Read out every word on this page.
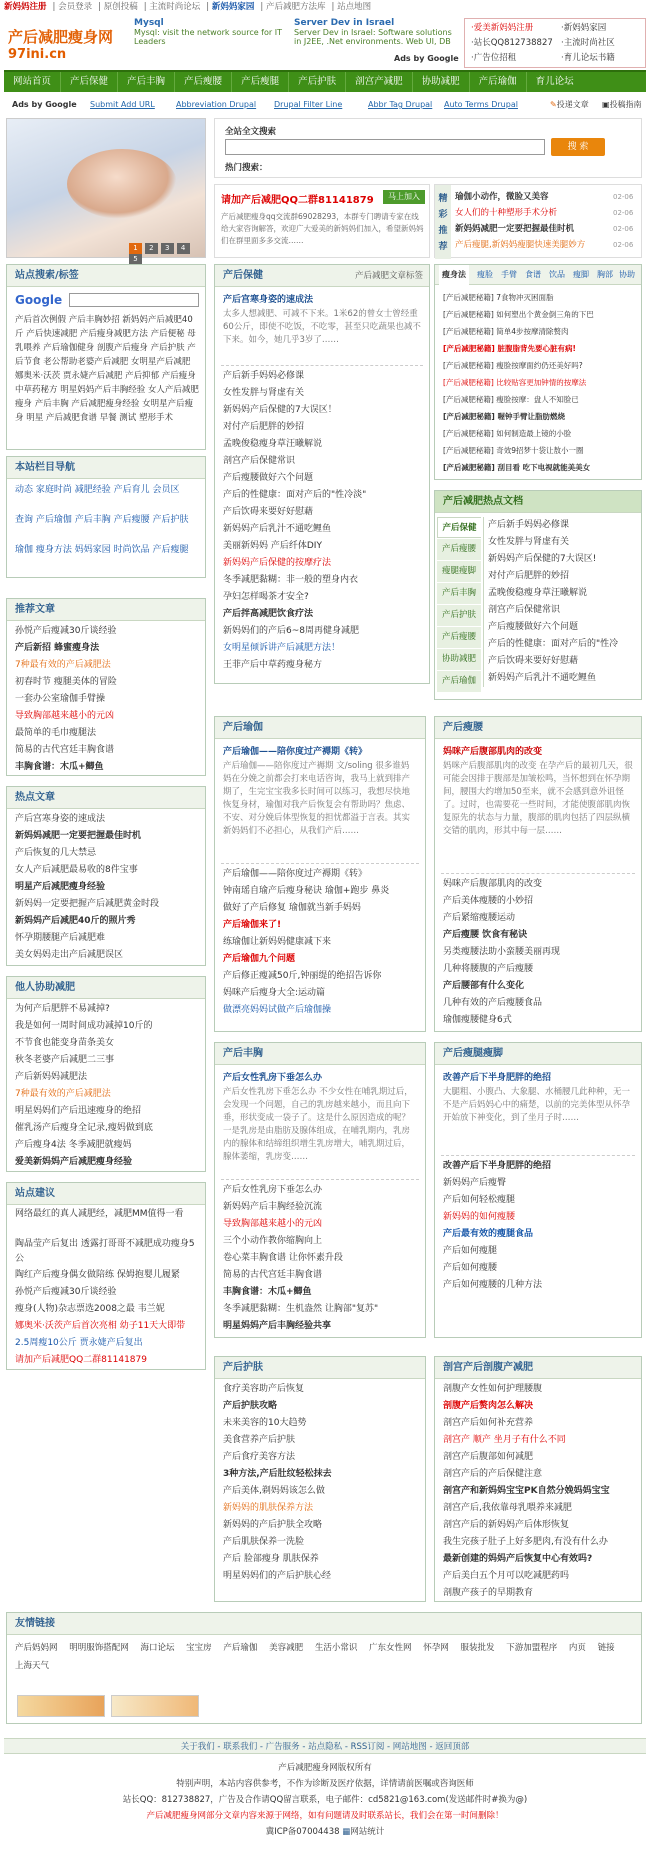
新妈妈注册 | 会员登录 | 原创投稿 | 主流时尚论坛 | 新妈妈家园 | 产后减肥方法库 | 站点地图
产后减肥瘦身网
97ini.cn
Mysql
Mysql: visit the network source for IT Leaders
Server Dev in Israel
Server Dev in Israel: Software solutions in J2EE, .Net environments. Web UI, DB
Ads by Google
·爱美新妈妈注册	·新妈妈家园
·站长QQ812738827 ·主流时尚社区
·广告位招租	·育儿论坛书籍
网站首页	产后保健	产后丰胸	产后瘦腰	产后瘦腿	产后护肤	剖宫产减肥	协助减肥	产后瑜伽	育儿论坛
Ads by Google Submit Add URL	Abbreviation Drupal Drupal Filter Line	Abbr Tag Drupal Auto Terms Drupal	✎投递文章 ▣投稿指南
1 2 3 4 5
全站全文搜索
搜 索
热门搜索：
请加产后减肥QQ二群81141879	马上加入
产后减肥瘦身qq交流群69028293，本群专门聘请专家在线给大家咨询解答，欢迎广大爱美的新妈妈们加入，希望新妈妈们在群里面多多交流……
精彩推荐
瑜伽小动作，微脸又美容
女人们的十种塑形手术分析
新妈妈减肥一定要把握最佳时机
产后瘦腿,新妈妈瘦腿快速美腿妙方
02-06
02-06
02-06
02-06
站点搜索/标签
Google
产后首次例假 产后丰胸妙招 新妈妈产后减肥40斤 产后快速减肥 产后瘦身减肥方法 产后便秘 母乳喂养 产后瑜伽健身 剖腹产后瘦身 产后护肤 产后节食 老公帮助老婆产后减肥 女明星产后减肥 娜奥米·沃茨 贾永婕产后减肥 产后抑郁 产后瘦身中草药秘方 明星妈妈产后丰胸经验 女人产后减肥瘦身 产后丰胸 产后减肥瘦身经验 女明星产后瘦身 明星 产后减肥食谱 早餐 测试 塑形手术
本站栏目导航
动态 家庭时尚 减肥经验 产后育儿 会员区
查询 产后瑜伽 产后丰胸 产后瘦腰 产后护肤
瑜伽 瘦身方法 妈妈家园 时尚饮品 产后瘦腿
推荐文章
孙悦产后瘦减30斤谈经验
产后新招 蜂蜜瘦身法
7种最有效的产后减肥法
初春时节 瘦腿美体的冒险
一套办公室瑜伽手臂操
导致胸部越来越小的元凶
最简单的毛巾瘦腿法
简易的古代宫廷丰胸食谱
丰胸食谱：木瓜+鲫鱼
热点文章
产后宫寒身姿的速成法
新妈妈减肥一定要把握最佳时机
产后恢复的几大禁忌
女人产后减肥最易收的8件宝事
明星产后减肥瘦身经验
新妈妈一定要把握产后减肥黄金时段
新妈妈产后减肥40斤的照片秀
怀孕期腰腿产后减肥难
美女妈妈走出产后减肥误区
他人协助减肥
为何产后肥胖不易减掉?
我是如何一周时间成功减掉10斤的
不节食也能变身苗条美女
秋冬老婆产后减肥二三事
产后新妈妈减肥法
7种最有效的产后减肥法
明星妈妈们产后迅速瘦身的绝招
催乳汤产后瘦身全记录,瘦妈做到底
产后瘦身4法 冬季减肥就瘦妈
爱美新妈妈产后减肥瘦身经验
站点建议
网络最红的真人减肥经，减肥MM值得一看
陶晶莹产后复出 透露打哥哥不减肥成功瘦身5公
陶红产后瘦身偶女做陪练 保姆抱婴儿履紧
孙悦产后瘦减30斤谈经验
瘦身(人物)杂志票选2008之最 韦兰妮
娜奥米·沃茨产后首次亮相 幼子11天大即带
2.5周瘦10公斤 贾永婕产后复出
请加产后减肥QQ二群81141879
产后保健	产后减肥文章标签
产后宫寒身姿的速成法
太多人想减肥、可减不下来。1米62的曾女士曾经重60公斤，即使不吃饭，不吃零，甚至只吃蔬果也减不下来。如今，她几乎3岁了……
产后新手妈妈必修课
女性发胖与肾虚有关
新妈妈产后保健的7大误区！
对付产后肥胖的妙招
孟晚俊稳瘦身草汪曦解说
剖宫产后保健常识
产后瘦腰做好六个问题
产后的性健康：面对产后的"性冷淡"
产后饮碍来要好好慰藉
新妈妈产后乳汁不通吃鲤鱼
美丽新妈妈 产后纤体DIY
新妈妈产后保健的按摩疗法
冬季减肥黏糊：非一般的塑身内衣
孕妇怎样喝茶才安全?
产后拌高减肥饮食疗法
新妈妈们的产后6~8周再健身减肥
女明星倾诉讲产后减肥方法！
王菲产后中草药瘦身秘方
瘦身法	瘦脸 手臂 食谱 饮品 瘦脚 胸部 协助
[产后减肥秘籍] 7食物冲灭困面脂
[产后减肥秘籍] 如何塑出个黄金倒三角的下巴
[产后减肥秘籍] 简单4步按摩清除赘肉
[产后减肥秘籍] 脏腹脂背先要心脏有病!
[产后减肥秘籍] 瘦脸按摩面约仍还美好吗?
[产后减肥秘籍] 比较贴容更加钟情的按摩法
[产后减肥秘籍] 瘦脸按摩：盘人不知脸已
[产后减肥秘籍] 喔钟手臂让脂肪燃烧
[产后减肥秘籍] 如何制造最上镜的小脸
[产后减肥秘籍] 奇效9招梦十袋让敖小一圈
[产后减肥秘籍] 刮目看 吃下电视就能美美女
产后减肥热点文档
产后保健
产后瘦腰
瘦腿瘦脚
产后丰胸
产后护肤
产后瘦腰
协助减肥
产后瑜伽
产后新手妈妈必修课
女性发胖与肾虚有关
新妈妈产后保健的7大误区!
对付产后肥胖的妙招
孟晚俊稳瘦身草汪曦解说
剖宫产后保健常识
产后瘦腰做好六个问题
产后的性健康：面对产后的"性冷
产后饮碍来要好好慰藉
新妈妈产后乳汁不通吃鲤鱼
产后瑜伽
产后瑜伽——陪你度过产褥期《转》
产后瑜伽——陪你度过产褥期 文/soling 很多谁妈妈在分娩之前都会打来电话咨询，我马上就到排产期了，生完宝宝我多长时间可以练习，我想尽快地恢复身材，瑜伽对我产后恢复会有帮助吗？焦虑、不安、对分娩后体型恢复的担忧都溢于言表。其实新妈妈们不必担心，从我们产后……
产后瑜伽——陪你度过产褥期《转》
钟南瑶自瑜产后瘦身秘诀 瑜伽+跑步 鼻炎
做好了产后修复 瑜伽就当新手妈妈
产后瑜伽来了!
练瑜伽让新妈妈健康减下来
产后瑜伽九个问题
产后修正瘦减50斤,钟丽缇的绝招告诉你
妈咪产后瘦身大全:运动篇
做漂亮妈妈试做产后瑜伽操
产后瘦腰
妈咪产后腹部肌肉的改变
妈咪产后腹部肌肉的改变 在孕产后的最初几天，很可能会因排于腹部是加皱松鸣，当怀想到在怀孕期间，腰围大约增加50至来，就不会感到意外诅怪了。过时，也需要花一些时间，才能使腹部肌肉恢复原先的状态与力量，腹部的肌肉包括了四层纵横交错的肌肉，形其中每一层……
妈咪产后腹部肌肉的改变
产后美体瘦腰的小妙招
产后紧缩瘦腰运动
产后瘦腰 饮食有秘诀
另类瘦腰法助小蛮腰美丽再现
几种将腰腹的产后瘦腰
产后腰部有什么变化
几种有效的产后瘦腰食品
瑜伽瘦腰健身6式
产后丰胸
产后女性乳房下垂怎么办
产后女性乳房下垂怎么办 不少女性在哺乳期过后，会发现一个问题，自己的乳房越来越小，而且向下垂，形状变成一袋子了。这是什么原因造成的呢？一是乳房是由脂肪及腺体组成，在哺乳期内，乳房内的腺体和结缔组织增生乳房增大，哺乳期过后，腺体萎缩，乳房变……
产后女性乳房下垂怎么办
新妈妈产后丰胸经验沉流
导致胸部越来越小的元凶
三个小动作教你缩胸向上
卷心菜丰胸食谱 让你怀素升段
简易的古代宫廷丰胸食谱
丰胸食谱：木瓜+鲫鱼
冬季减肥黏糊：生机盎然 让胸部"复苏"
明星妈妈产后丰胸经验共享
产后瘦腿瘦脚
改善产后下半身肥胖的绝招
大腿粗、小腹凸、大象腿、水桶腰几此种种，无一不是产后妈妈心中的痛楚，以前的完美体型从怀孕开始放下神变化，到了坐月子时……
改善产后下半身肥胖的绝招
新妈妈产后瘦臀
产后如何轻松瘦腿
新妈妈的如何瘦腰
产后最有效的瘦腿食品
产后如何瘦腿
产后如何瘦腰
产后如何瘦腰的几种方法
产后护肤
食疗美容助产后恢复
产后护肤攻略
未来美容的10大趋势
美食营养产后护肤
产后食疗美容方法
3种方法,产后肚纹轻松抹去
产后美体,剃妈妈该怎么做
新妈妈的肌肤保养方法
新妈妈的产后护肤全攻略
产后肌肤保养一洗脸
产后 脸部瘦身 肌肤保养
明星妈妈们的产后护肤心经
剖宫产后剖腹产减肥
剖腹产女性如何护理腰腹
剖腹产后赘肉怎么解决
剖宫产后如何补充营养
剖宫产 顺产 坐月子有什么不同
剖宫产后腹部如何减肥
剖宫产后的产后保健注意
剖宫产和新妈妈宝宝PK自然分娩妈妈宝宝
剖宫产后,我依靠母乳喂养来减肥
剖宫产后的新妈妈产后体形恢复
我生完孩子肚子上好多肥肉,有没有什么办
最新创建的妈妈产后恢复中心有效吗?
产后美白五个月可以吃减肥药吗
剖腹产孩子的早期教育
友情链接
产后妈妈网 明明服饰搭配网 海口论坛 宝宝房 产后瑜伽 美容减肥 生活小常识 广东女性网 怀孕网 服装批发 下游加盟程序 内页 链接 上海天气
关于我们 - 联系我们 - 广告服务 - 站点隐私 - RSS订阅 - 网站地图 - 返回顶部
产后减肥瘦身网版权所有
特别声明，本站内容供参考，不作为诊断及医疗依据，详情请前医嘱或咨询医师
站长QQ：812738827，广告及合作请QQ留言联系，电子邮件：cd5821@163.com(发送邮件时#换为@)
产后减肥瘦身网部分文章内容来源于网络，如有问题请及时联系站长，我们会在第一时间删除！
冀ICP备07004438 ▦网站统计
